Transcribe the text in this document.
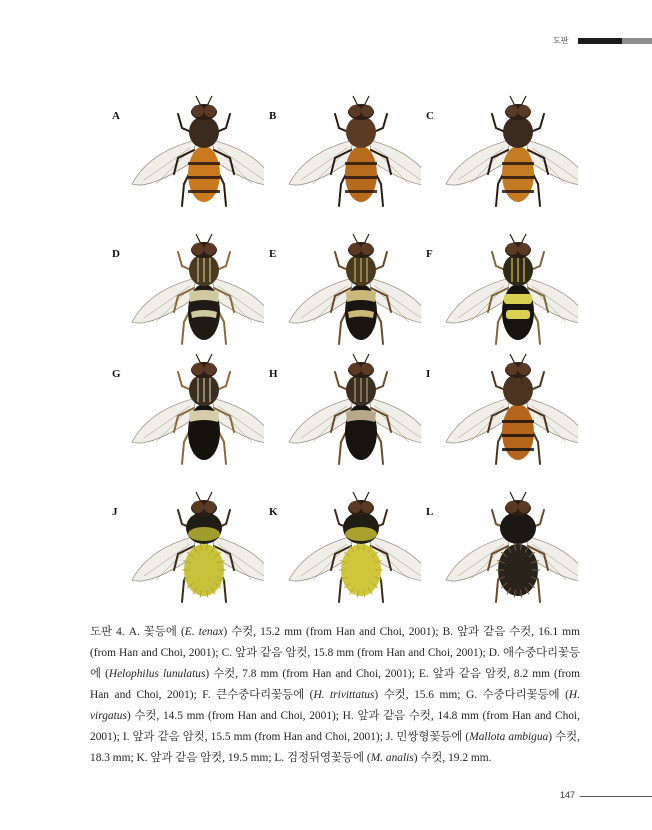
도판
A	B	C
D	E	F
G	H	I
J	K	L
도판 4. A. 꽃등에 (E. tenax) 수컷, 15.2 mm (from Han and Choi, 2001); B. 앞과 같음 수컷, 16.1 mm (from Han and Choi, 2001); C. 앞과 같음 암컷, 15.8 mm (from Han and Choi, 2001); D. 애수중다리꽃등에 (Helophilus lunulatus) 수컷, 7.8 mm (from Han and Choi, 2001); E. 앞과 같음 암컷, 8.2 mm (from Han and Choi, 2001); F. 큰수중다리꽃등에 (H. trivittatus) 수컷, 15.6 mm; G. 수중다리꽃등에 (H. virgatus) 수컷, 14.5 mm (from Han and Choi, 2001); H. 앞과 같음 수컷, 14.8 mm (from Han and Choi, 2001); I. 앞과 같음 암컷, 15.5 mm (from Han and Choi, 2001); J. 민쌍형꽃등에 (Mallota ambigua) 수컷, 18.3 mm; K. 앞과 같음 암컷, 19.5 mm; L. 검정뒤영꽃등에 (M. analis) 수컷, 19.2 mm.
147
